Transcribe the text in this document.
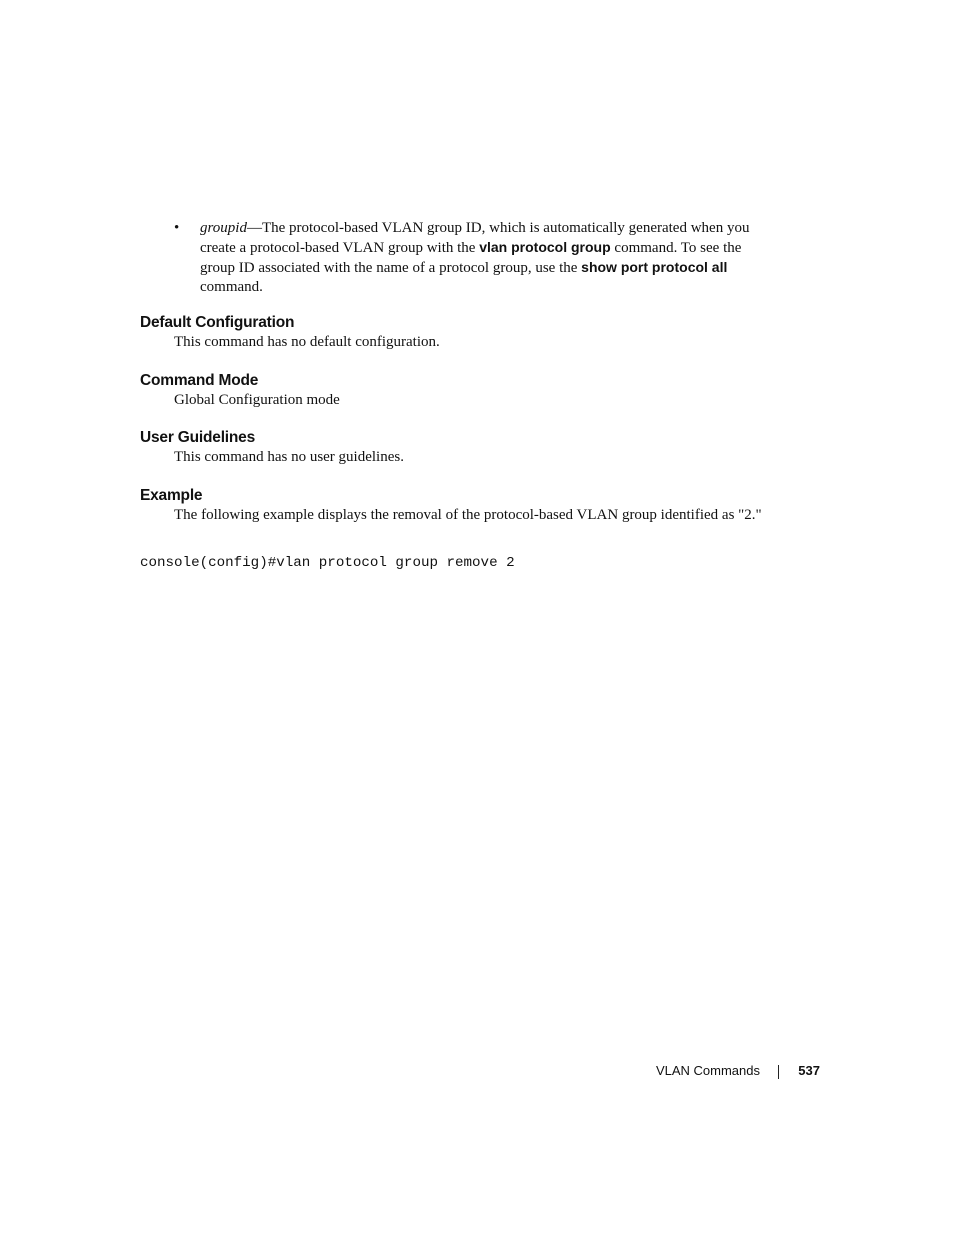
• groupid—The protocol-based VLAN group ID, which is automatically generated when you create a protocol-based VLAN group with the vlan protocol group command. To see the group ID associated with the name of a protocol group, use the show port protocol all command.
Default Configuration
This command has no default configuration.
Command Mode
Global Configuration mode
User Guidelines
This command has no user guidelines.
Example
The following example displays the removal of the protocol-based VLAN group identified as "2."
console(config)#vlan protocol group remove 2
VLAN Commands	537
